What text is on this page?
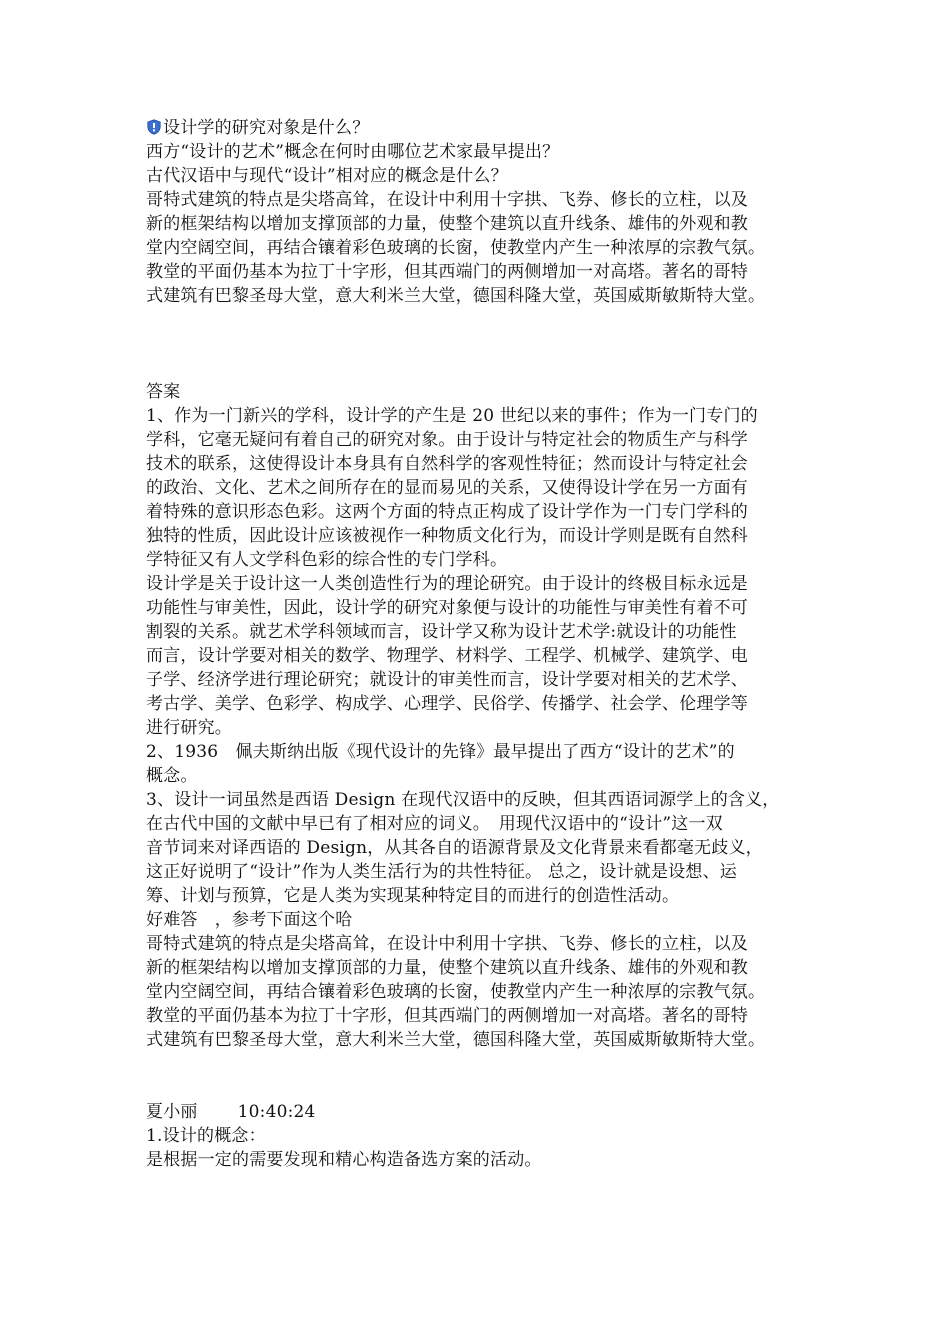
设计学的研究对象是什么？
西方“设计的艺术”概念在何时由哪位艺术家最早提出？
古代汉语中与现代“设计”相对应的概念是什么？
哥特式建筑的特点是尖塔高耸，在设计中利用十字拱、飞券、修长的立柱，以及
新的框架结构以增加支撑顶部的力量，使整个建筑以直升线条、雄伟的外观和教
堂内空阔空间，再结合镶着彩色玻璃的长窗，使教堂内产生一种浓厚的宗教气氛。
教堂的平面仍基本为拉丁十字形，但其西端门的两侧增加一对高塔。著名的哥特
式建筑有巴黎圣母大堂，意大利米兰大堂，德国科隆大堂，英国威斯敏斯特大堂。
答案
1、作为一门新兴的学科，设计学的产生是 20 世纪以来的事件；作为一门专门的
学科，它毫无疑问有着自己的研究对象。由于设计与特定社会的物质生产与科学
技术的联系，这使得设计本身具有自然科学的客观性特征；然而设计与特定社会
的政治、文化、艺术之间所存在的显而易见的关系，又使得设计学在另一方面有
着特殊的意识形态色彩。这两个方面的特点正构成了设计学作为一门专门学科的
独特的性质，因此设计应该被视作一种物质文化行为，而设计学则是既有自然科
学特征又有人文学科色彩的综合性的专门学科。
设计学是关于设计这一人类创造性行为的理论研究。由于设计的终极目标永远是
功能性与审美性，因此，设计学的研究对象便与设计的功能性与审美性有着不可
割裂的关系。就艺术学科领域而言，设计学又称为设计艺术学:就设计的功能性
而言，设计学要对相关的数学、物理学、材料学、工程学、机械学、建筑学、电
子学、经济学进行理论研究；就设计的审美性而言，设计学要对相关的艺术学、
考古学、美学、色彩学、构成学、心理学、民俗学、传播学、社会学、伦理学等
进行研究。
2、1936　佩夫斯纳出版《现代设计的先锋》最早提出了西方“设计的艺术”的
概念。
3、设计一词虽然是西语 Design 在现代汉语中的反映，但其西语词源学上的含义，
在古代中国的文献中早已有了相对应的词义。　用现代汉语中的“设计”这一双
音节词来对译西语的 Design，从其各自的语源背景及文化背景来看都毫无歧义，
这正好说明了“设计”作为人类生活行为的共性特征。 总之，设计就是设想、运
筹、计划与预算，它是人类为实现某种特定目的而进行的创造性活动。
好难答　，参考下面这个哈
哥特式建筑的特点是尖塔高耸，在设计中利用十字拱、飞券、修长的立柱，以及
新的框架结构以增加支撑顶部的力量，使整个建筑以直升线条、雄伟的外观和教
堂内空阔空间，再结合镶着彩色玻璃的长窗，使教堂内产生一种浓厚的宗教气氛。
教堂的平面仍基本为拉丁十字形，但其西端门的两侧增加一对高塔。著名的哥特
式建筑有巴黎圣母大堂，意大利米兰大堂，德国科隆大堂，英国威斯敏斯特大堂。
夏小丽　　 10:40:24
1.设计的概念：
是根据一定的需要发现和精心构造备选方案的活动。
